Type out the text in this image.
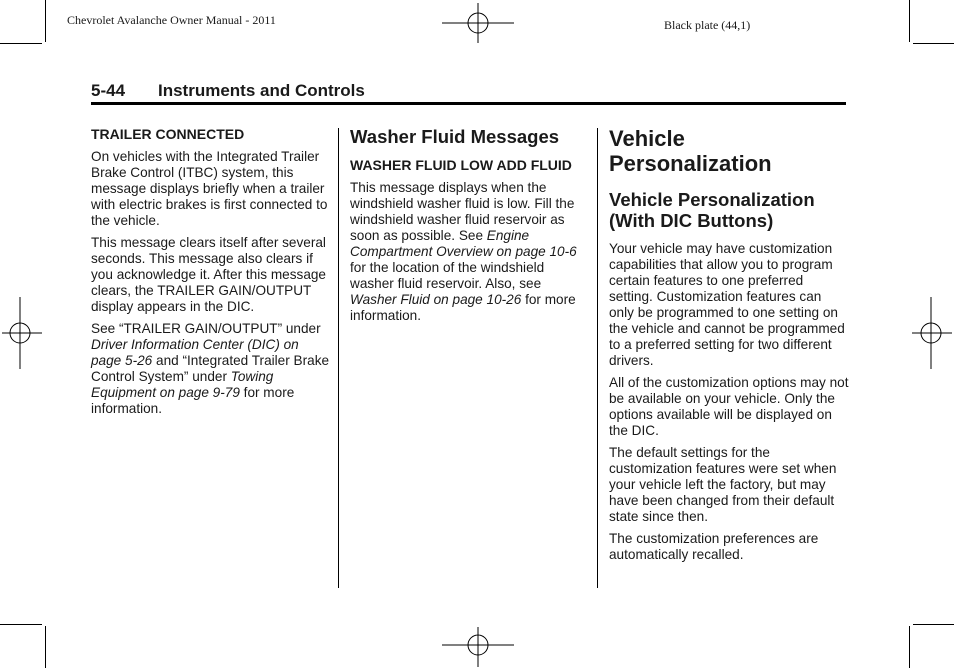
Chevrolet Avalanche Owner Manual - 2011	Black plate (44,1)
5-44 Instruments and Controls
TRAILER CONNECTED

On vehicles with the Integrated Trailer Brake Control (ITBC) system, this message displays briefly when a trailer with electric brakes is first connected to the vehicle.

This message clears itself after several seconds. This message also clears if you acknowledge it. After this message clears, the TRAILER GAIN/OUTPUT display appears in the DIC.

See “TRAILER GAIN/OUTPUT” under Driver Information Center (DIC) on page 5-26 and “Integrated Trailer Brake Control System” under Towing Equipment on page 9-79 for more information.

Washer Fluid Messages
WASHER FLUID LOW ADD FLUID

This message displays when the windshield washer fluid is low. Fill the windshield washer fluid reservoir as soon as possible. See Engine Compartment Overview on page 10-6 for the location of the windshield washer fluid reservoir. Also, see Washer Fluid on page 10-26 for more information.

Vehicle Personalization
Vehicle Personalization (With DIC Buttons)

Your vehicle may have customization capabilities that allow you to program certain features to one preferred setting. Customization features can only be programmed to one setting on the vehicle and cannot be programmed to a preferred setting for two different drivers.

All of the customization options may not be available on your vehicle. Only the options available will be displayed on the DIC.

The default settings for the customization features were set when your vehicle left the factory, but may have been changed from their default state since then.

The customization preferences are automatically recalled.
